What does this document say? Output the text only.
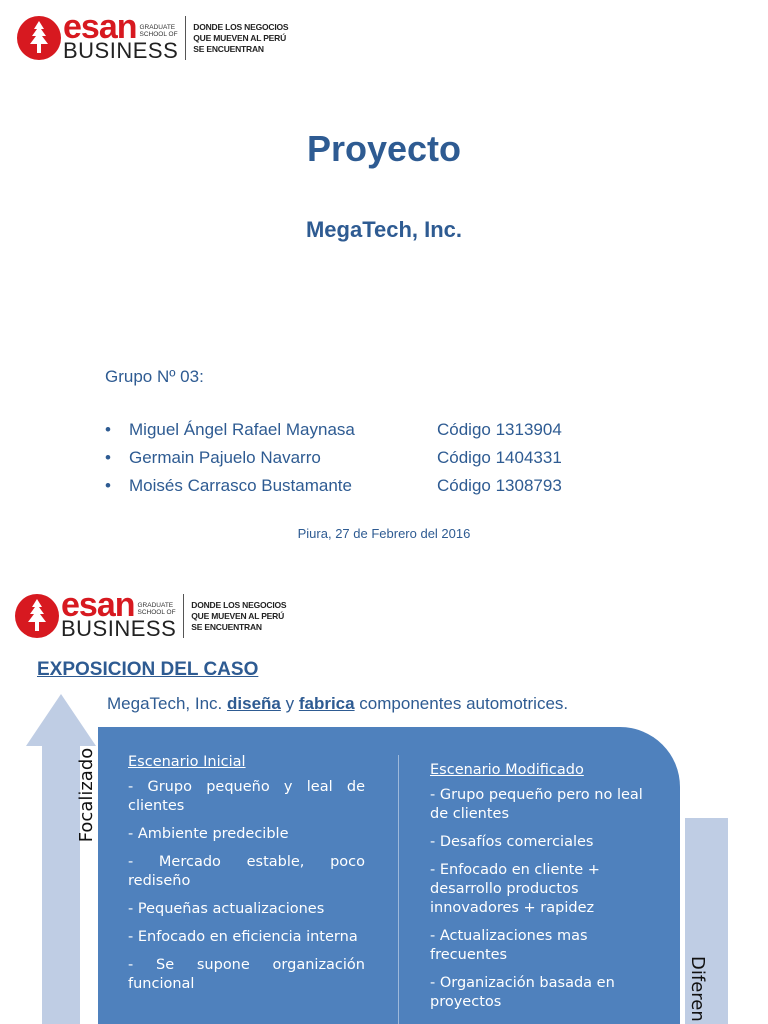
esan GRADUATE
SCHOOL OF
BUSINESS
DONDE LOS NEGOCIOS
QUE MUEVEN AL PERÚ
SE ENCUENTRAN
Proyecto
MegaTech, Inc.
Grupo Nº 03:
•	Miguel Ángel Rafael Maynasa	Código 1313904
•	Germain Pajuelo Navarro	Código 1404331
•	Moisés Carrasco Bustamante	Código 1308793
Piura, 27 de Febrero del 2016
esan GRADUATE
SCHOOL OF
BUSINESS
DONDE LOS NEGOCIOS
QUE MUEVEN AL PERÚ
SE ENCUENTRAN
EXPOSICION DEL CASO
MegaTech, Inc. diseña y fabrica componentes automotrices.
Focalizado	Escenario Inicial
- Grupo pequeño y leal de clientes
- Ambiente predecible
- Mercado estable, poco rediseño
- Pequeñas actualizaciones
- Enfocado en eficiencia interna
- Se supone organización funcional
Escenario Modificado
- Grupo pequeño pero no leal de clientes
- Desafíos comerciales
- Enfocado en cliente + desarrollo productos innovadores + rapidez
- Actualizaciones mas frecuentes
- Organización basada en proyectos	Diferen
